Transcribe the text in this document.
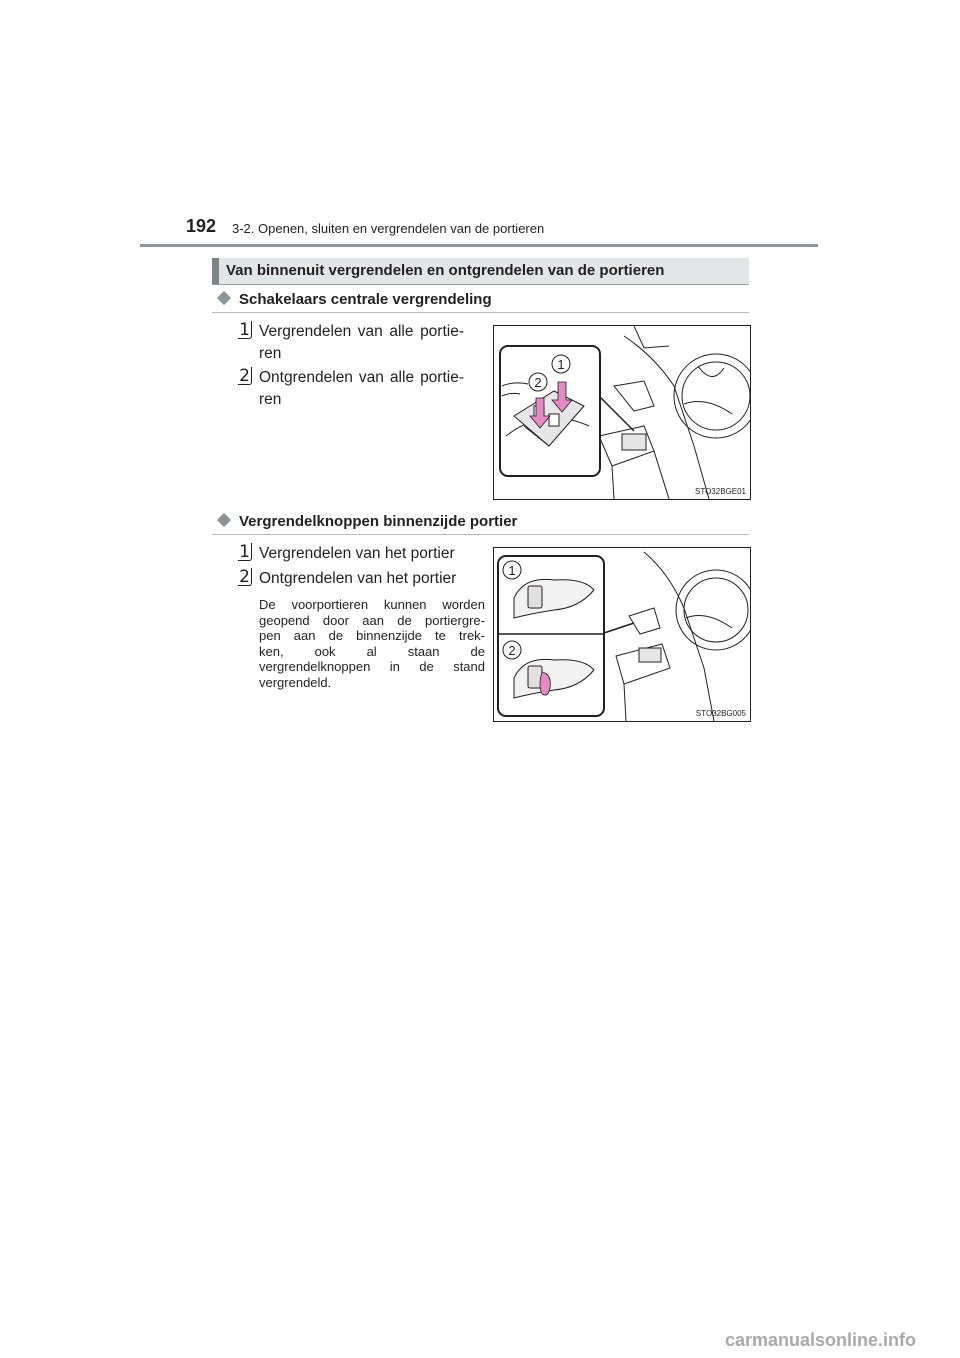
192 3-2. Openen, sluiten en vergrendelen van de portieren
Van binnenuit vergrendelen en ontgrendelen van de portieren
Schakelaars centrale vergrendeling
1 Vergrendelen van alle portie-
ren
2 Ontgrendelen van alle portie-
ren
1
2
STO32BGE01
Vergrendelknoppen binnenzijde portier
1 Vergrendelen van het portier
2 Ontgrendelen van het portier
De voorportieren kunnen worden
geopend door aan de portiergre-
pen aan de binnenzijde te trek-
ken, ook al staan de
vergrendelknoppen in de stand
vergrendeld.
1
2
STO32BG005
carmanualsonline.info
